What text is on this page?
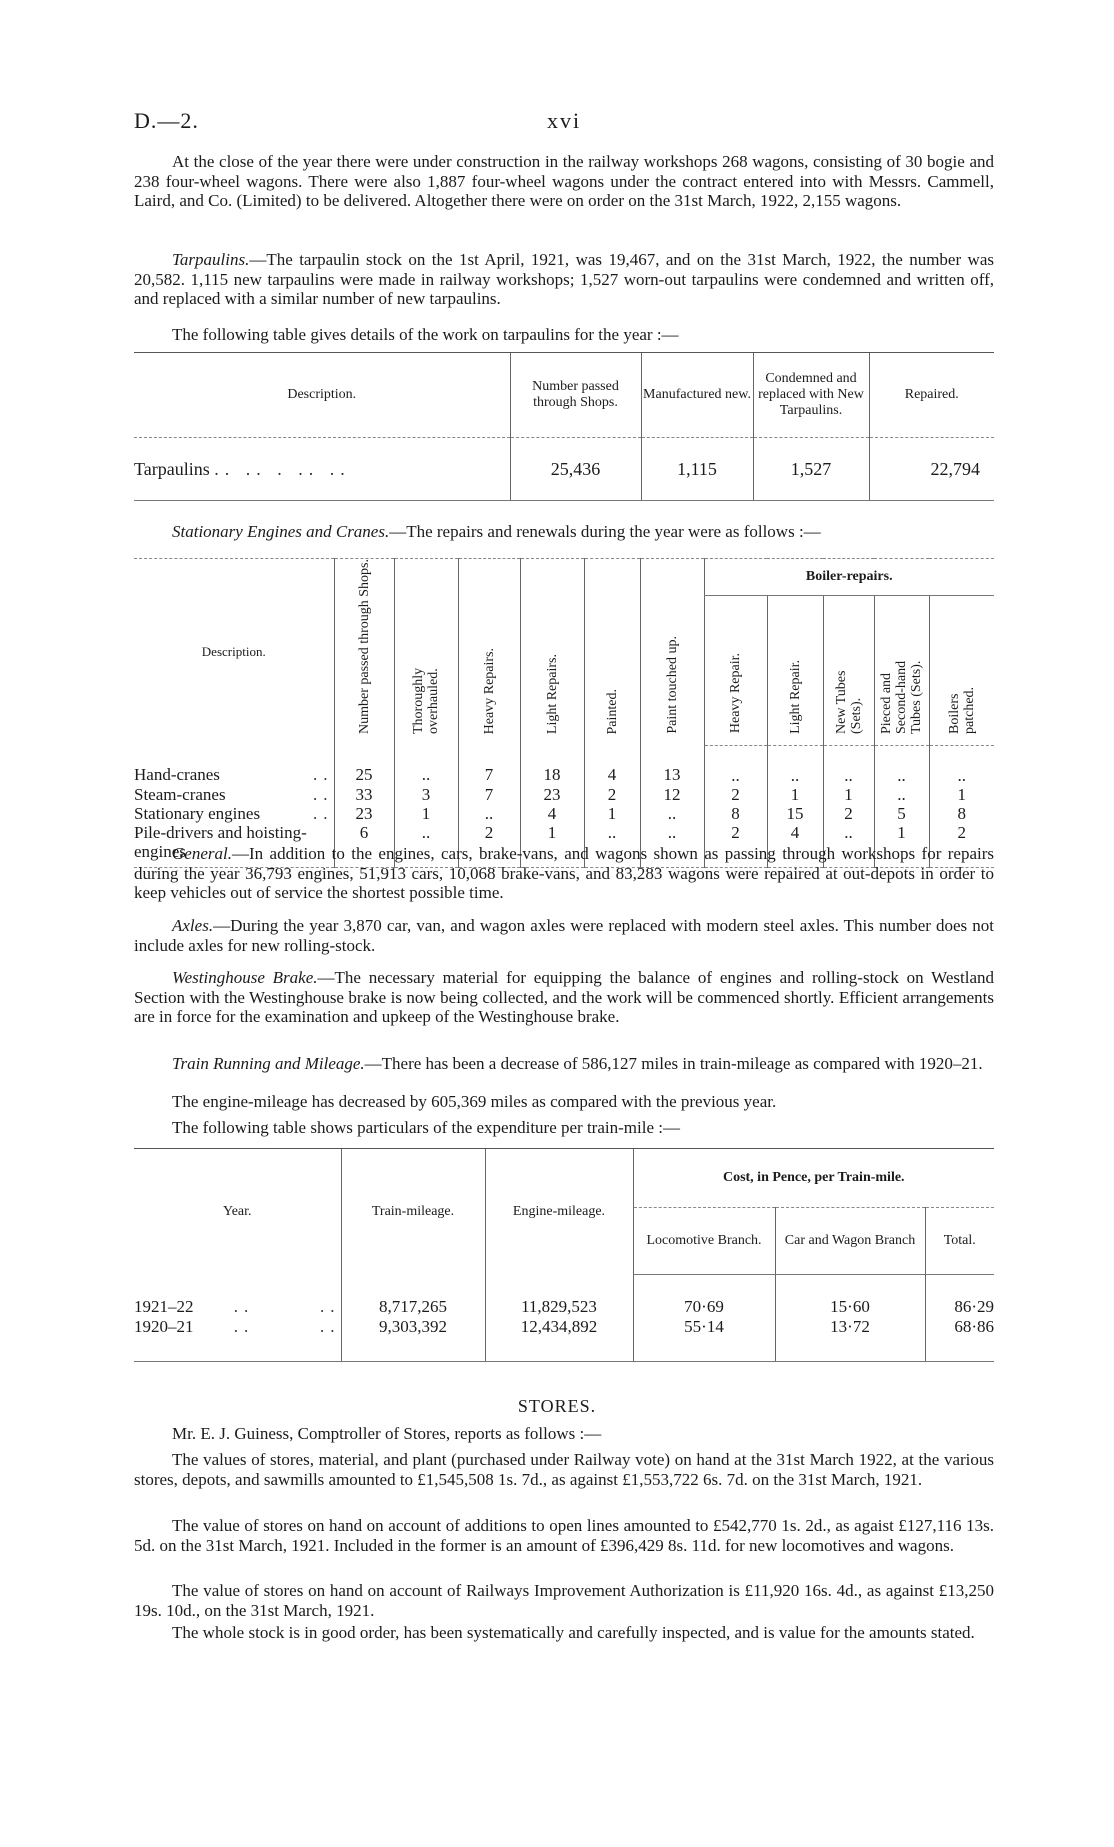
D.—2.	xvi

At the close of the year there were under construction in the railway workshops 268 wagons, consisting of 30 bogie and 238 four-wheel wagons. There were also 1,887 four-wheel wagons under the contract entered into with Messrs. Cammell, Laird, and Co. (Limited) to be delivered. Altogether there were on order on the 31st March, 1922, 2,155 wagons.

Tarpaulins.—The tarpaulin stock on the 1st April, 1921, was 19,467, and on the 31st March, 1922, the number was 20,582. 1,115 new tarpaulins were made in railway workshops; 1,527 worn-out tarpaulins were condemned and written off, and replaced with a similar number of new tarpaulins.

The following table gives details of the work on tarpaulins for the year :—

Description.	Number passed through Shops.	Manufactured new.	Condemned and replaced with New Tarpaulins.	Repaired.
Tarpaulins .. .. . .. ..	25,436	1,115	1,527	22,794

Stationary Engines and Cranes.—The repairs and renewals during the year were as follows :—

Description.	Number passed through Shops.	Thoroughly overhauled.	Heavy Repairs.	Light Repairs.	Painted.	Paint touched up.	Boiler-repairs.				
							Heavy Repair.	Light Repair.	New Tubes (Sets).	Pieced and Second-hand Tubes (Sets).	Boilers patched.
Hand-cranes ..	25	..	7	18	4	13	..	..	..	..	..
Steam-cranes ..	33	3	7	23	2	12	2	1	1	..	1
Stationary engines ..	23	1	..	4	1	..	8	15	2	5	8
Pile-drivers and hoisting-engines	6	..	2	1	..	..	2	4	..	1	2

General.—In addition to the engines, cars, brake-vans, and wagons shown as passing through workshops for repairs during the year 36,793 engines, 51,913 cars, 10,068 brake-vans, and 83,283 wagons were repaired at out-depots in order to keep vehicles out of service the shortest possible time.

Axles.—During the year 3,870 car, van, and wagon axles were replaced with modern steel axles. This number does not include axles for new rolling-stock.

Westinghouse Brake.—The necessary material for equipping the balance of engines and rolling-stock on Westland Section with the Westinghouse brake is now being collected, and the work will be commenced shortly. Efficient arrangements are in force for the examination and upkeep of the Westinghouse brake.

Train Running and Mileage.—There has been a decrease of 586,127 miles in train-mileage as compared with 1920–21.

The engine-mileage has decreased by 605,369 miles as compared with the previous year.

The following table shows particulars of the expenditure per train-mile :—

Year.	Train-mileage.	Engine-mileage.	Cost, in Pence, per Train-mile.		
			Locomotive Branch.	Car and Wagon Branch	Total.
1921–22 .. ..	8,717,265	11,829,523	70·69	15·60	86·29
1920–21 .. ..	9,303,392	12,434,892	55·14	13·72	68·86
STORES.

Mr. E. J. Guiness, Comptroller of Stores, reports as follows :—

The values of stores, material, and plant (purchased under Railway vote) on hand at the 31st March 1922, at the various stores, depots, and sawmills amounted to £1,545,508 1s. 7d., as against £1,553,722 6s. 7d. on the 31st March, 1921.

The value of stores on hand on account of additions to open lines amounted to £542,770 1s. 2d., as agaist £127,116 13s. 5d. on the 31st March, 1921. Included in the former is an amount of £396,429 8s. 11d. for new locomotives and wagons.

The value of stores on hand on account of Railways Improvement Authorization is £11,920 16s. 4d., as against £13,250 19s. 10d., on the 31st March, 1921.

The whole stock is in good order, has been systematically and carefully inspected, and is value for the amounts stated.
